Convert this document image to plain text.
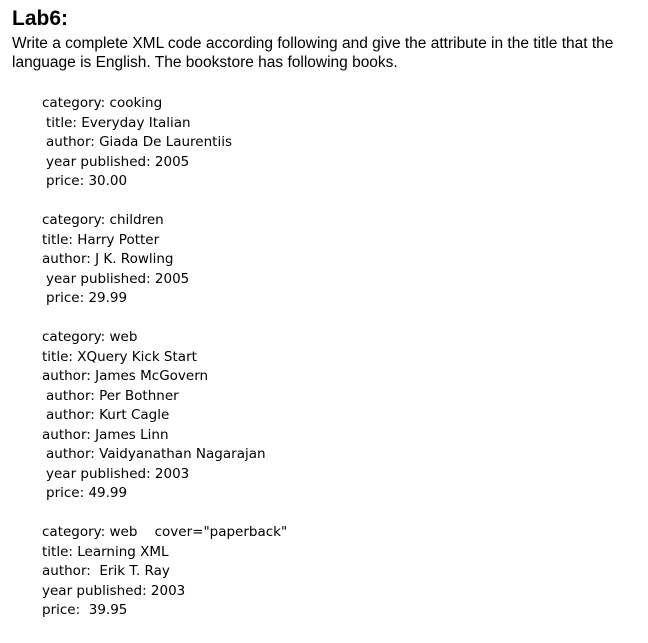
Lab6:

Write a complete XML code according following and give the attribute in the title that the language is English. The bookstore has following books.

category: cooking
title: Everyday Italian
author: Giada De Laurentiis
year published: 2005
price: 30.00
category: children
title: Harry Potter
author: J K. Rowling
year published: 2005
price: 29.99
category: web
title: XQuery Kick Start
author: James McGovern
author: Per Bothner
author: Kurt Cagle
author: James Linn
author: Vaidyanathan Nagarajan
year published: 2003
price: 49.99
category: web    cover="paperback"
title: Learning XML
author:  Erik T. Ray
year published: 2003
price:  39.95
